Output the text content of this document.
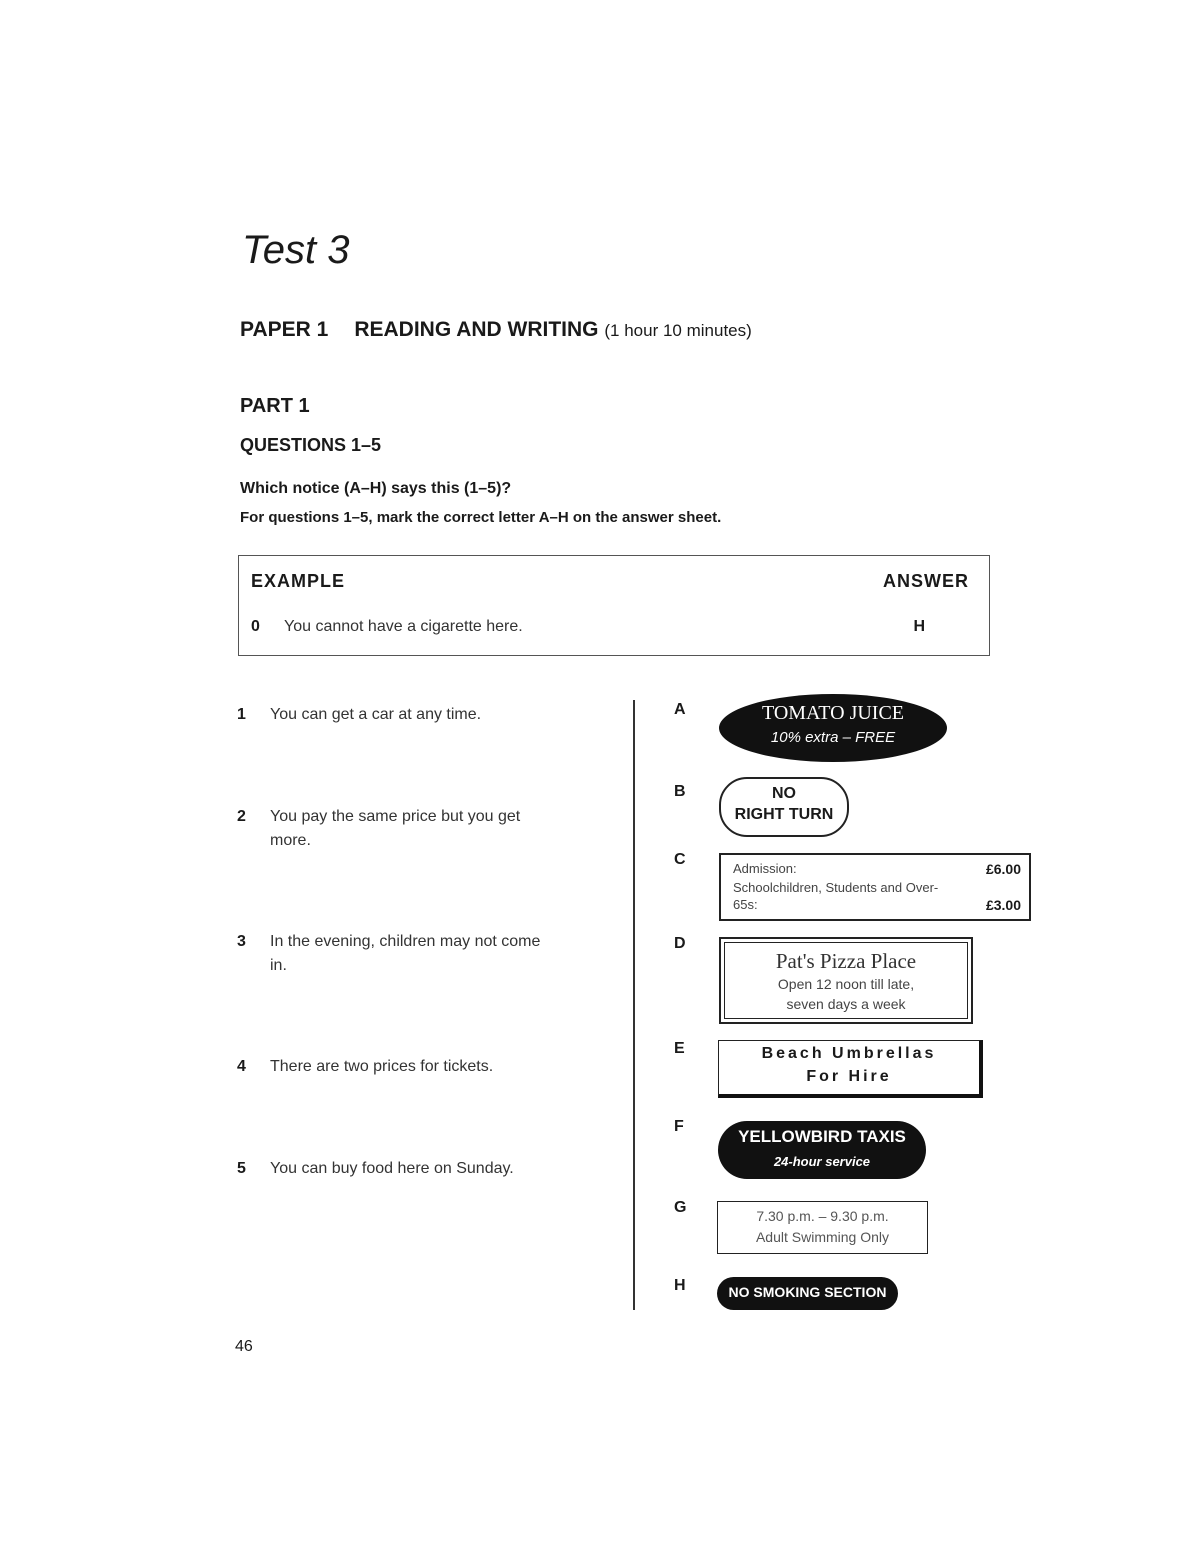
Test 3
PAPER 1 READING AND WRITING (1 hour 10 minutes)
PART 1
QUESTIONS 1–5
Which notice (A–H) says this (1–5)?
For questions 1–5, mark the correct letter A–H on the answer sheet.
EXAMPLE	ANSWER
0 You cannot have a cigarette here.	H
1 You can get a car at any time.
2 You pay the same price but you get more.
3 In the evening, children may not come in.
4 There are two prices for tickets.
5 You can buy food here on Sunday.
A
B
C
D
E
F
G
H
TOMATO JUICE
10% extra – FREE
NO
RIGHT TURN
Admission:
Schoolchildren, Students and Over-65s:
£6.00
£3.00
Pat's Pizza Place
Open 12 noon till late,
seven days a week
Beach Umbrellas
For Hire
YELLOWBIRD TAXIS
24-hour service
7.30 p.m. – 9.30 p.m.
Adult Swimming Only
NO SMOKING SECTION
46
